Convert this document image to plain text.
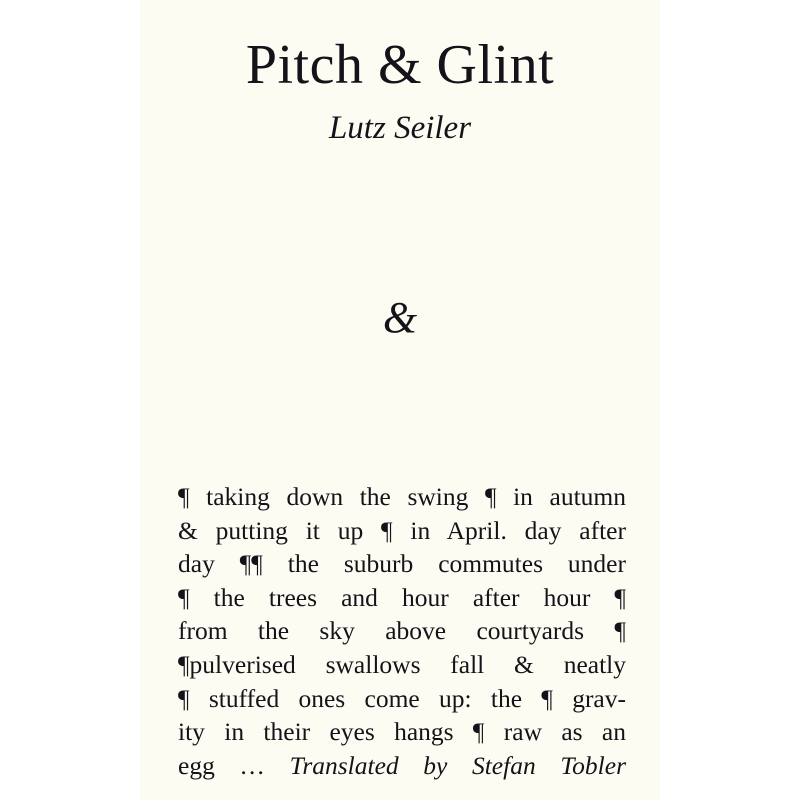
Pitch & Glint

Lutz Seiler

&
¶ taking down the swing ¶ in autumn
& putting it up ¶ in April. day after
day ¶¶ the suburb commutes under
¶ the trees and hour after hour ¶
from the sky above courtyards ¶
¶pulverised swallows fall & neatly
¶ stuffed ones come up: the ¶ grav-
ity in their eyes hangs ¶ raw as an
egg … Translated by Stefan Tobler
